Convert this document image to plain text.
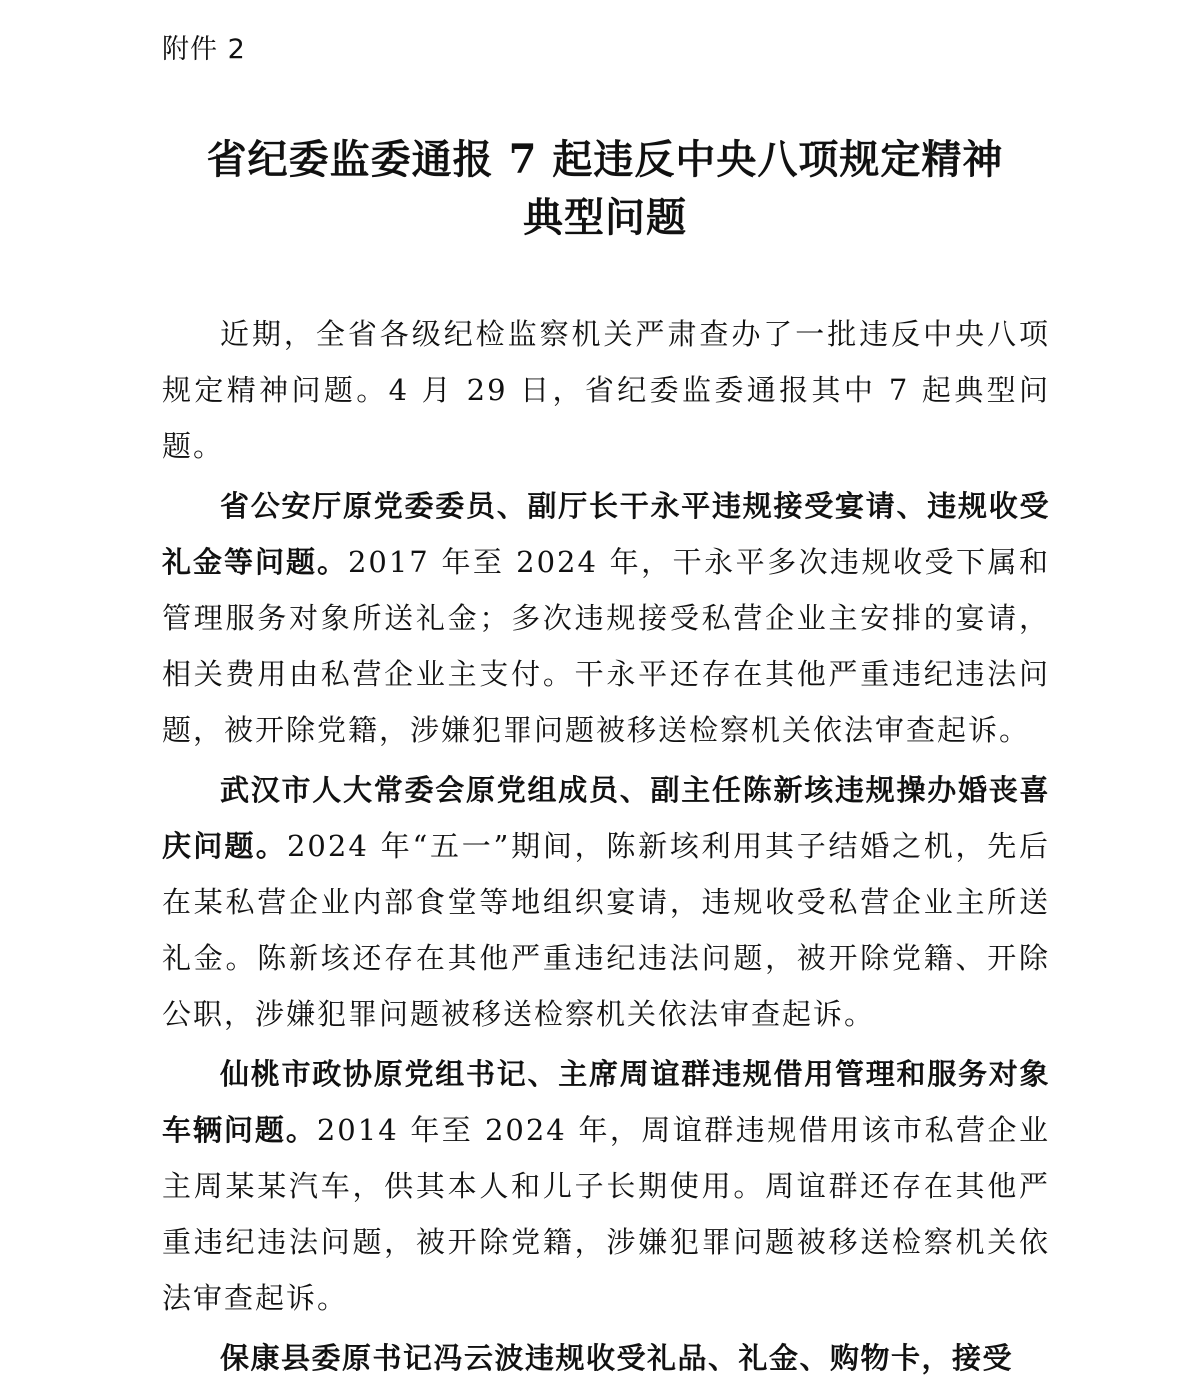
附件 2
省纪委监委通报 7 起违反中央八项规定精神
典型问题

近期，全省各级纪检监察机关严肃查办了一批违反中央八项规定精神问题。4 月 29 日，省纪委监委通报其中 7 起典型问题。

省公安厅原党委委员、副厅长干永平违规接受宴请、违规收受礼金等问题。2017 年至 2024 年，干永平多次违规收受下属和管理服务对象所送礼金；多次违规接受私营企业主安排的宴请，相关费用由私营企业主支付。干永平还存在其他严重违纪违法问题，被开除党籍，涉嫌犯罪问题被移送检察机关依法审查起诉。

武汉市人大常委会原党组成员、副主任陈新垓违规操办婚丧喜庆问题。2024 年“五一”期间，陈新垓利用其子结婚之机，先后在某私营企业内部食堂等地组织宴请，违规收受私营企业主所送礼金。陈新垓还存在其他严重违纪违法问题，被开除党籍、开除公职，涉嫌犯罪问题被移送检察机关依法审查起诉。

仙桃市政协原党组书记、主席周谊群违规借用管理和服务对象车辆问题。2014 年至 2024 年，周谊群违规借用该市私营企业主周某某汽车，供其本人和儿子长期使用。周谊群还存在其他严重违纪违法问题，被开除党籍，涉嫌犯罪问题被移送检察机关依法审查起诉。

保康县委原书记冯云波违规收受礼品、礼金、购物卡，接受
